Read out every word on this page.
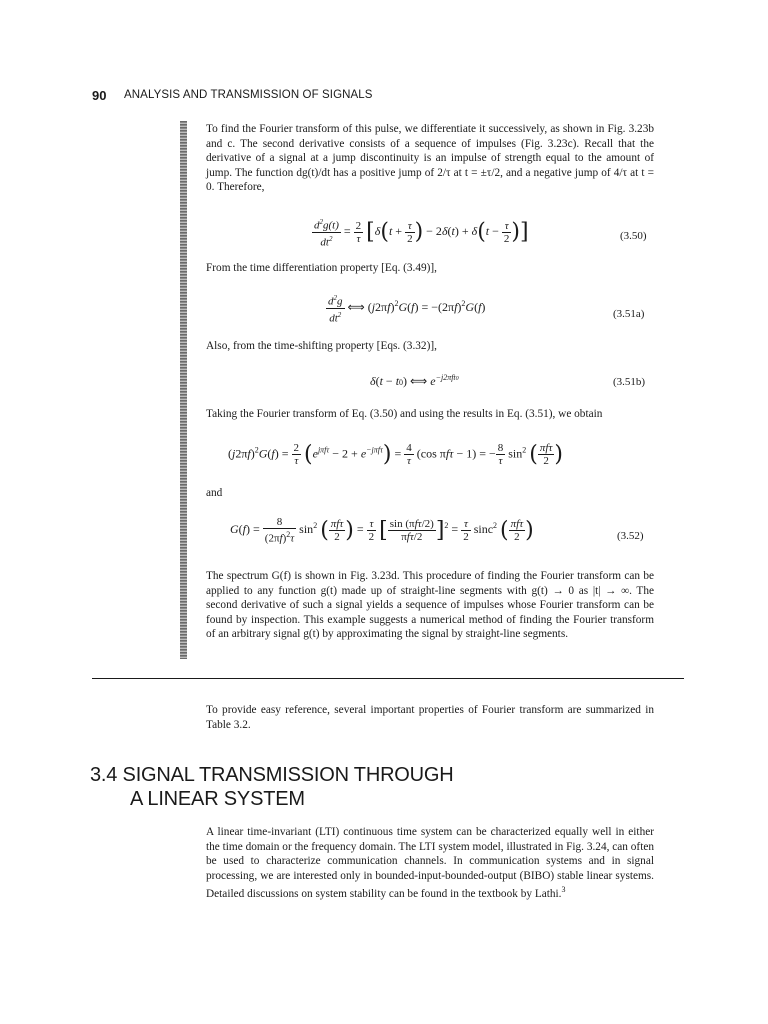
90 ANALYSIS AND TRANSMISSION OF SIGNALS
To find the Fourier transform of this pulse, we differentiate it successively, as shown in Fig. 3.23b and c. The second derivative consists of a sequence of impulses (Fig. 3.23c). Recall that the derivative of a signal at a jump discontinuity is an impulse of strength equal to the amount of jump. The function dg(t)/dt has a positive jump of 2/τ at t = ±τ/2, and a negative jump of 4/τ at t = 0. Therefore,
$\frac{d^2g(t)}{dt^2} = \frac{2}{\tau} [\delta(t + \frac{\tau}{2}$ ) − $2\delta(t) + \delta(t - \frac{\tau}{2}$ )]	(3.50)
From the time differentiation property [Eq. (3.49)],
$\frac{d^2g}{dt^2}$ ⟺ $(j2\pi f)^2G(f) = -(2\pi f)^2G(f)$
(3.51a)
Also, from the time-shifting property [Eqs. (3.32)],
δ(t − t0) ⟺ $e^{-j2\pi ft0}$	(3.51b)
Taking the Fourier transform of Eq. (3.50) and using the results in Eq. (3.51), we obtain
$(j2\pi f)^2G(f) = \frac{2}{\tau} (e^{j\pi f\tau} - 2 + e^{-j\pi f\tau}) = \frac{4}{\tau} (\cos$ πfτ − 1) = − $\frac{8}{\tau} \sin^2$ ( $\frac{\text{πfτ}}{2}$ )
and
$G(f) = \frac{8}{(2\pi f)^2\tau} \sin^2$ ( $\frac{\text{πfτ}}{2}$ ) = $\frac{\tau}{2}$ [ $\frac{\text{sin (πfτ/2)}}{\text{πfτ/2}} ]^2 = \frac{\tau}{2} \sin c^2$ ( $\frac{\text{πfτ}}{2}$ )	(3.52)
The spectrum G(f) is shown in Fig. 3.23d. This procedure of finding the Fourier transform can be applied to any function g(t) made up of straight-line segments with g(t) → 0 as |t| → ∞. The second derivative of such a signal yields a sequence of impulses whose Fourier transform can be found by inspection. This example suggests a numerical method of finding the Fourier transform of an arbitrary signal g(t) by approximating the signal by straight-line segments.
To provide easy reference, several important properties of Fourier transform are summarized in Table 3.2.
3.4 SIGNAL TRANSMISSION THROUGH
A LINEAR SYSTEM
A linear time-invariant (LTI) continuous time system can be characterized equally well in either the time domain or the frequency domain. The LTI system model, illustrated in Fig. 3.24, can often be used to characterize communication channels. In communication systems and in signal processing, we are interested only in bounded-input-bounded-output (BIBO) stable linear systems. Detailed discussions on system stability can be found in the textbook by Lathi.$^3$
